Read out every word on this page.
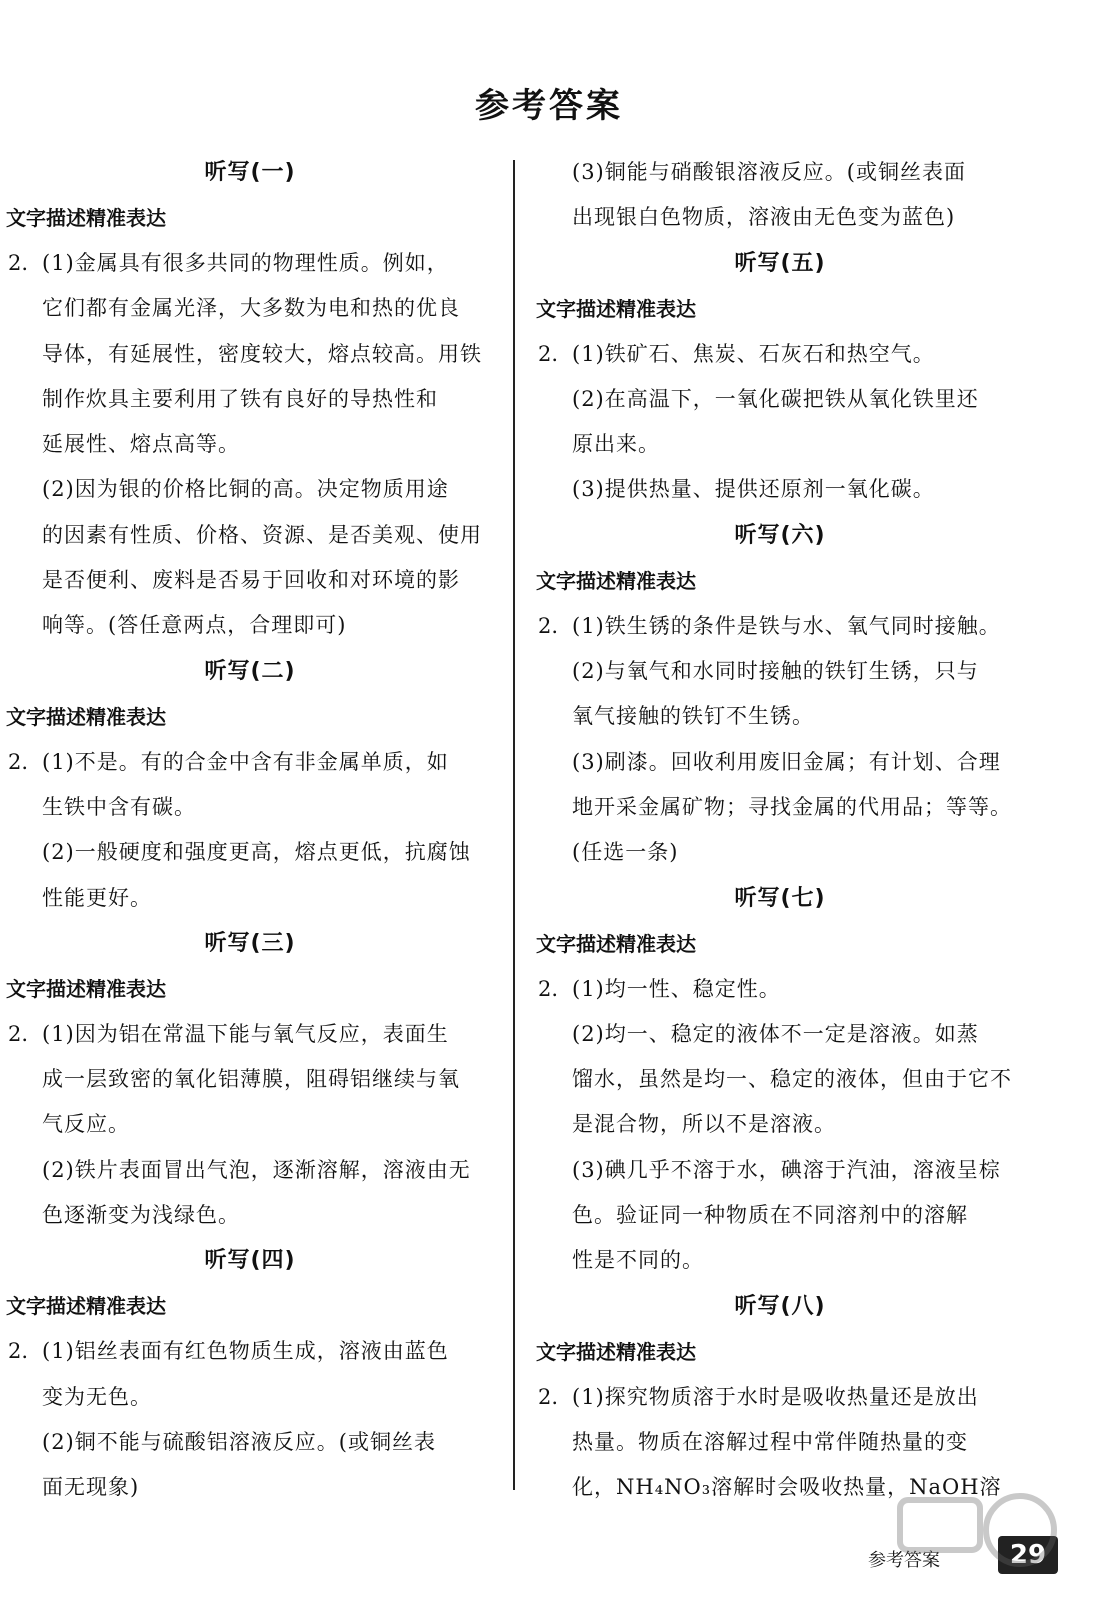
参考答案
听写(一)
文字描述精准表达
2. (1)金属具有很多共同的物理性质。例如，

它们都有金属光泽，大多数为电和热的优良

导体，有延展性，密度较大，熔点较高。用铁

制作炊具主要利用了铁有良好的导热性和

延展性、熔点高等。

(2)因为银的价格比铜的高。决定物质用途

的因素有性质、价格、资源、是否美观、使用

是否便利、废料是否易于回收和对环境的影

响等。(答任意两点，合理即可)

听写(二)
文字描述精准表达
2. (1)不是。有的合金中含有非金属单质，如

生铁中含有碳。

(2)一般硬度和强度更高，熔点更低，抗腐蚀

性能更好。

听写(三)
文字描述精准表达
2. (1)因为铝在常温下能与氧气反应，表面生

成一层致密的氧化铝薄膜，阻碍铝继续与氧

气反应。

(2)铁片表面冒出气泡，逐渐溶解，溶液由无

色逐渐变为浅绿色。

听写(四)
文字描述精准表达
2. (1)铝丝表面有红色物质生成，溶液由蓝色

变为无色。

(2)铜不能与硫酸铝溶液反应。(或铜丝表

面无现象)

(3)铜能与硝酸银溶液反应。(或铜丝表面

出现银白色物质，溶液由无色变为蓝色)

听写(五)
文字描述精准表达
2. (1)铁矿石、焦炭、石灰石和热空气。

(2)在高温下，一氧化碳把铁从氧化铁里还

原出来。

(3)提供热量、提供还原剂一氧化碳。

听写(六)
文字描述精准表达
2. (1)铁生锈的条件是铁与水、氧气同时接触。

(2)与氧气和水同时接触的铁钉生锈，只与

氧气接触的铁钉不生锈。

(3)刷漆。回收利用废旧金属；有计划、合理

地开采金属矿物；寻找金属的代用品；等等。

(任选一条)

听写(七)
文字描述精准表达
2. (1)均一性、稳定性。

(2)均一、稳定的液体不一定是溶液。如蒸

馏水，虽然是均一、稳定的液体，但由于它不

是混合物，所以不是溶液。

(3)碘几乎不溶于水，碘溶于汽油，溶液呈棕

色。验证同一种物质在不同溶剂中的溶解

性是不同的。

听写(八)
文字描述精准表达
2. (1)探究物质溶于水时是吸收热量还是放出

热量。物质在溶解过程中常伴随热量的变

化，NH₄NO₃溶解时会吸收热量，NaOH溶

参考答案	29
